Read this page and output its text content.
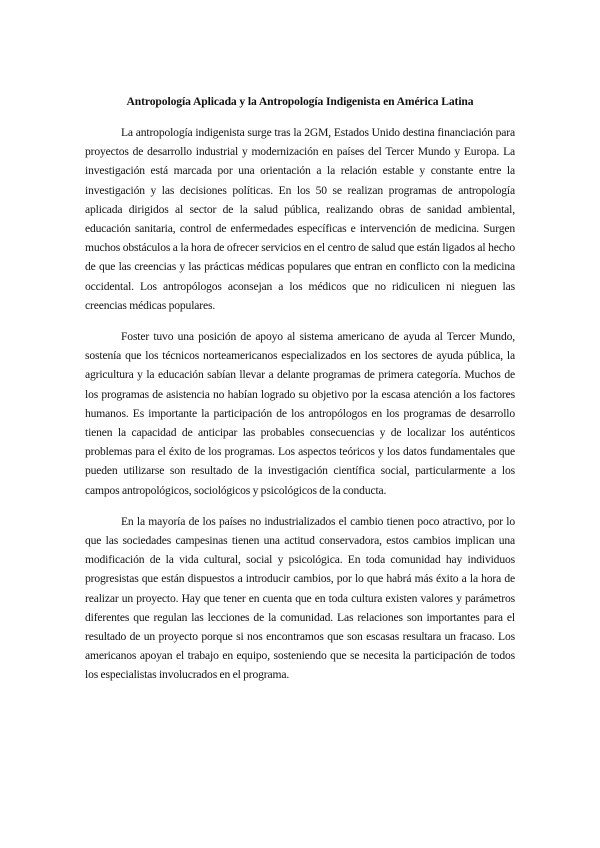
Antropología Aplicada y la Antropología Indigenista en América Latina

La antropología indigenista surge tras la 2GM, Estados Unido destina financiación para proyectos de desarrollo industrial y modernización en países del Tercer Mundo y Europa. La investigación está marcada por una orientación a la relación estable y constante entre la investigación y las decisiones políticas. En los 50 se realizan programas de antropología aplicada dirigidos al sector de la salud pública, realizando obras de sanidad ambiental, educación sanitaria, control de enfermedades específicas e intervención de medicina. Surgen muchos obstáculos a la hora de ofrecer servicios en el centro de salud que están ligados al hecho de que las creencias y las prácticas médicas populares que entran en conflicto con la medicina occidental. Los antropólogos aconsejan a los médicos que no ridiculicen ni nieguen las creencias médicas populares.

Foster tuvo una posición de apoyo al sistema americano de ayuda al Tercer Mundo, sostenía que los técnicos norteamericanos especializados en los sectores de ayuda pública, la agricultura y la educación sabían llevar a delante programas de primera categoría. Muchos de los programas de asistencia no habían logrado su objetivo por la escasa atención a los factores humanos. Es importante la participación de los antropólogos en los programas de desarrollo tienen la capacidad de anticipar las probables consecuencias y de localizar los auténticos problemas para el éxito de los programas. Los aspectos teóricos y los datos fundamentales que pueden utilizarse son resultado de la investigación científica social, particularmente a los campos antropológicos, sociológicos y psicológicos de la conducta.

En la mayoría de los países no industrializados el cambio tienen poco atractivo, por lo que las sociedades campesinas tienen una actitud conservadora, estos cambios implican una modificación de la vida cultural, social y psicológica. En toda comunidad hay individuos progresistas que están dispuestos a introducir cambios, por lo que habrá más éxito a la hora de realizar un proyecto. Hay que tener en cuenta que en toda cultura existen valores y parámetros diferentes que regulan las lecciones de la comunidad. Las relaciones son importantes para el resultado de un proyecto porque si nos encontramos que son escasas resultara un fracaso. Los americanos apoyan el trabajo en equipo, sosteniendo que se necesita la participación de todos los especialistas involucrados en el programa.
